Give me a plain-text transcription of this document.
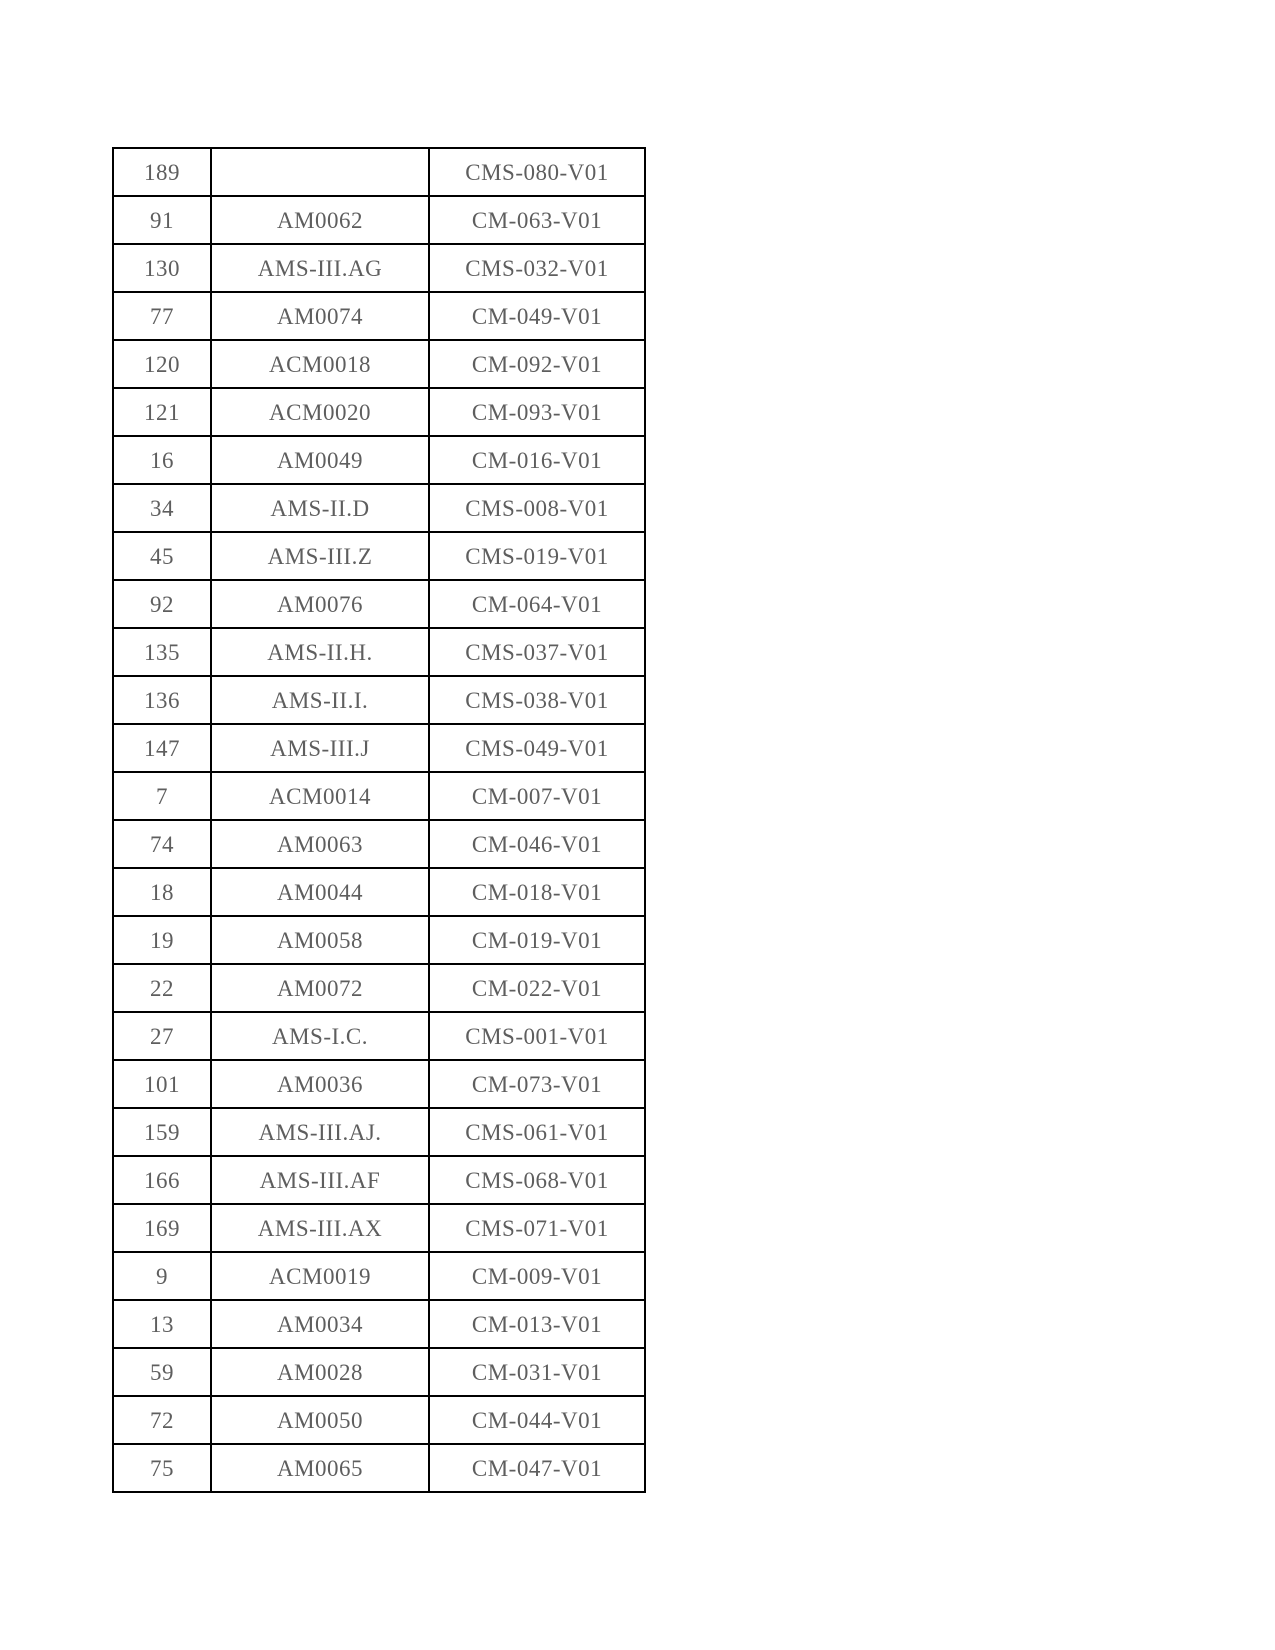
189		CMS-080-V01
91	AM0062	CM-063-V01
130	AMS-III.AG	CMS-032-V01
77	AM0074	CM-049-V01
120	ACM0018	CM-092-V01
121	ACM0020	CM-093-V01
16	AM0049	CM-016-V01
34	AMS-II.D	CMS-008-V01
45	AMS-III.Z	CMS-019-V01
92	AM0076	CM-064-V01
135	AMS-II.H.	CMS-037-V01
136	AMS-II.I.	CMS-038-V01
147	AMS-III.J	CMS-049-V01
7	ACM0014	CM-007-V01
74	AM0063	CM-046-V01
18	AM0044	CM-018-V01
19	AM0058	CM-019-V01
22	AM0072	CM-022-V01
27	AMS-I.C.	CMS-001-V01
101	AM0036	CM-073-V01
159	AMS-III.AJ.	CMS-061-V01
166	AMS-III.AF	CMS-068-V01
169	AMS-III.AX	CMS-071-V01
9	ACM0019	CM-009-V01
13	AM0034	CM-013-V01
59	AM0028	CM-031-V01
72	AM0050	CM-044-V01
75	AM0065	CM-047-V01
